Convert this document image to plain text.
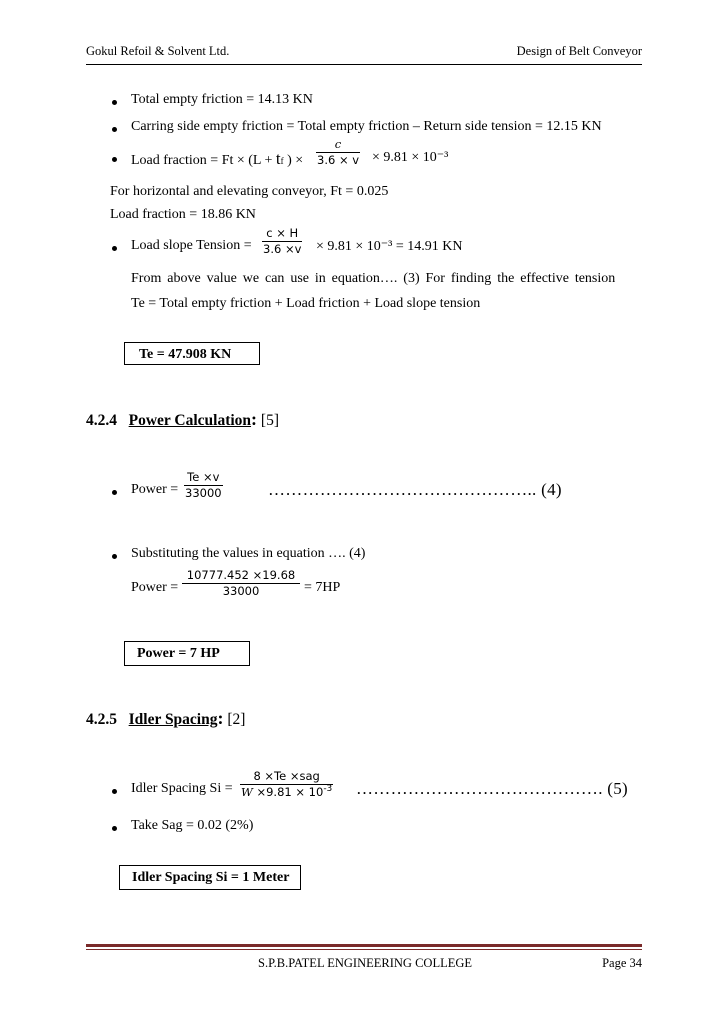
Gokul Refoil & Solvent Ltd.	Design of Belt Conveyor
Total empty friction = 14.13 KN
Carring side empty friction = Total empty friction – Return side tension = 12.15 KN
Load fraction = Ft × (L + tf ) ×
c
3.6 × v × 9.81 × 10⁻³
For horizontal and elevating conveyor, Ft = 0.025
Load fraction = 18.86 KN
Load slope Tension =
c × H
3.6 ×v × 9.81 × 10⁻³ = 14.91 KN
From above value we can use in equation…. (3) For finding the effective tension
Te = Total empty friction + Load friction + Load slope tension
Te = 47.908 KN
4.2.4 Power Calculation: [5]
Power =
Te ×v
33000	……………………………………….. (4)
Substituting the values in equation …. (4)
Power =
10777.452 ×19.68
33000	= 7HP
Power = 7 HP
4.2.5 Idler Spacing: [2]
Idler Spacing Si =
8 ×Te ×sag
$W \times 9.81 \times 10^{-3}$ ……………………………………. (5)
Take Sag = 0.02 (2%)
Idler Spacing Si = 1 Meter
S.P.B.PATEL ENGINEERING COLLEGE	Page 34
